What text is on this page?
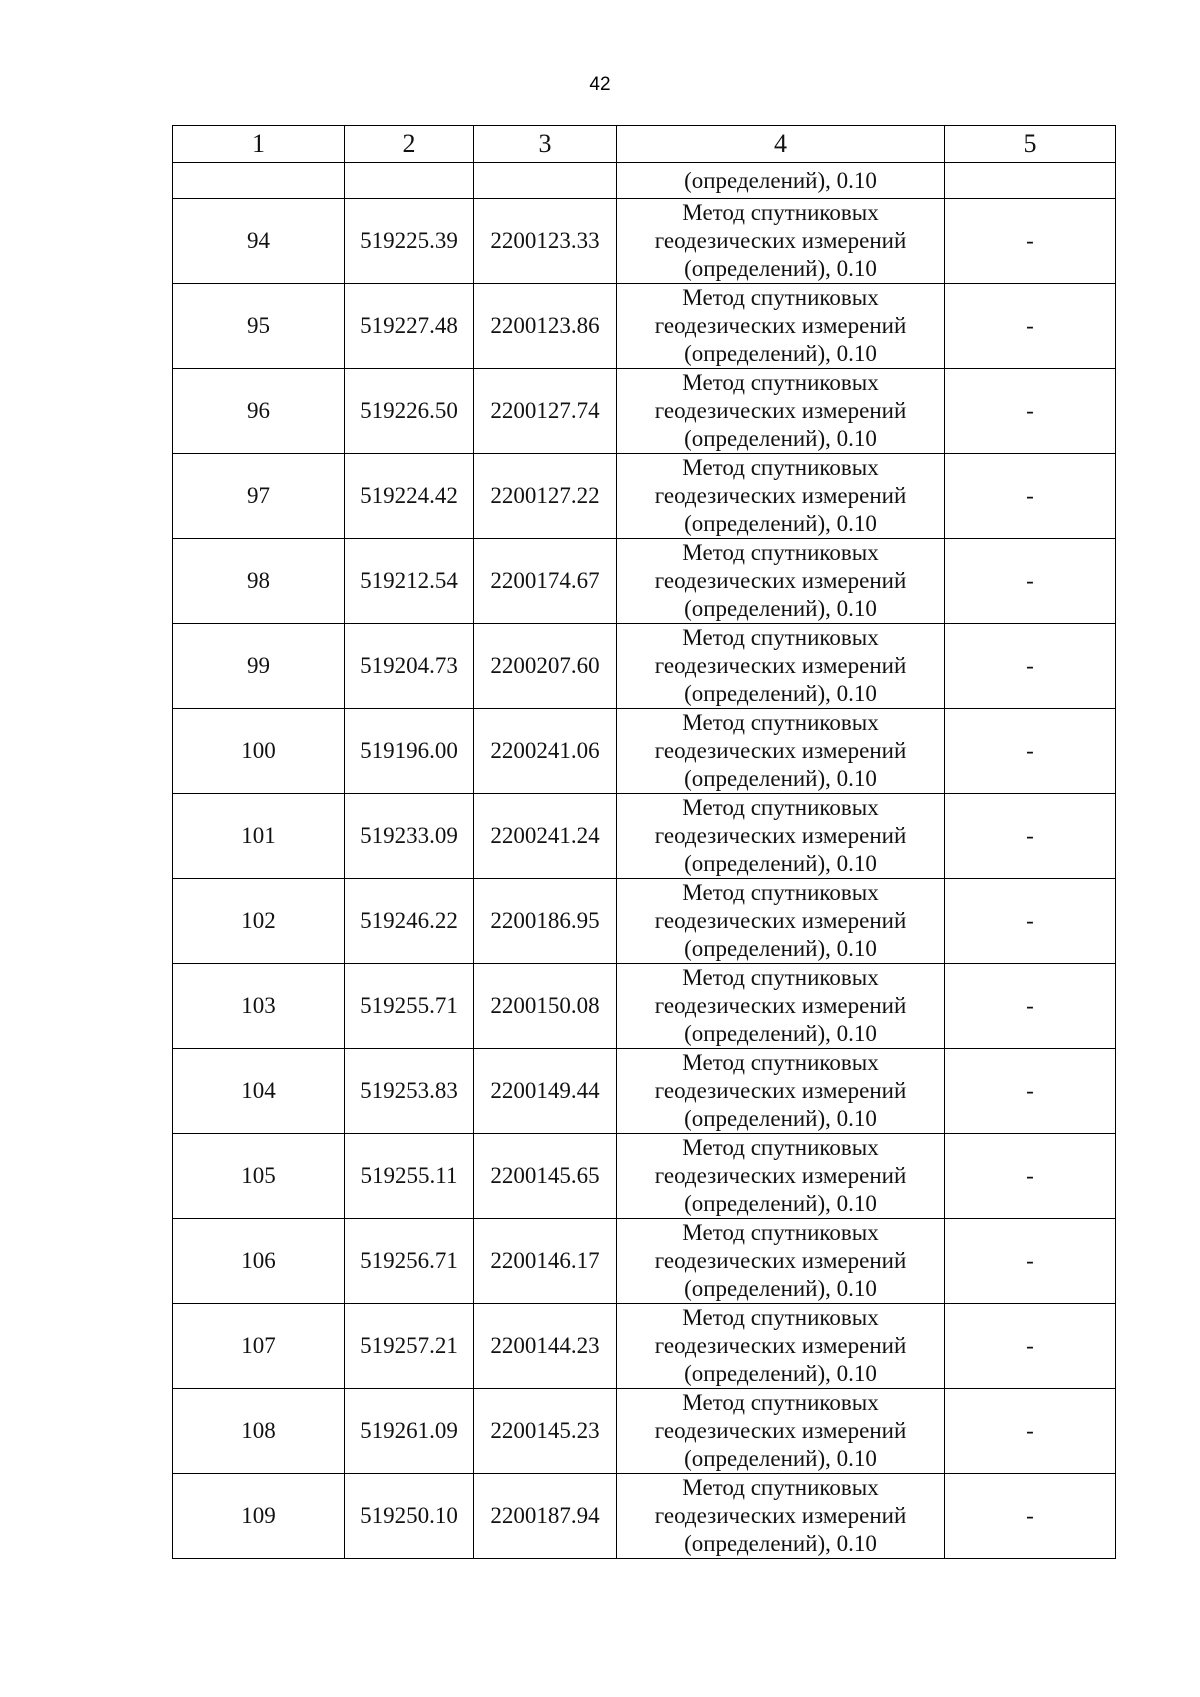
42
1	2	3	4	5
			(определений), 0.10	
94	519225.39	2200123.33	Метод спутниковых
геодезических измерений
(определений), 0.10	-
95	519227.48	2200123.86	Метод спутниковых
геодезических измерений
(определений), 0.10	-
96	519226.50	2200127.74	Метод спутниковых
геодезических измерений
(определений), 0.10	-
97	519224.42	2200127.22	Метод спутниковых
геодезических измерений
(определений), 0.10	-
98	519212.54	2200174.67	Метод спутниковых
геодезических измерений
(определений), 0.10	-
99	519204.73	2200207.60	Метод спутниковых
геодезических измерений
(определений), 0.10	-
100	519196.00	2200241.06	Метод спутниковых
геодезических измерений
(определений), 0.10	-
101	519233.09	2200241.24	Метод спутниковых
геодезических измерений
(определений), 0.10	-
102	519246.22	2200186.95	Метод спутниковых
геодезических измерений
(определений), 0.10	-
103	519255.71	2200150.08	Метод спутниковых
геодезических измерений
(определений), 0.10	-
104	519253.83	2200149.44	Метод спутниковых
геодезических измерений
(определений), 0.10	-
105	519255.11	2200145.65	Метод спутниковых
геодезических измерений
(определений), 0.10	-
106	519256.71	2200146.17	Метод спутниковых
геодезических измерений
(определений), 0.10	-
107	519257.21	2200144.23	Метод спутниковых
геодезических измерений
(определений), 0.10	-
108	519261.09	2200145.23	Метод спутниковых
геодезических измерений
(определений), 0.10	-
109	519250.10	2200187.94	Метод спутниковых
геодезических измерений
(определений), 0.10	-
